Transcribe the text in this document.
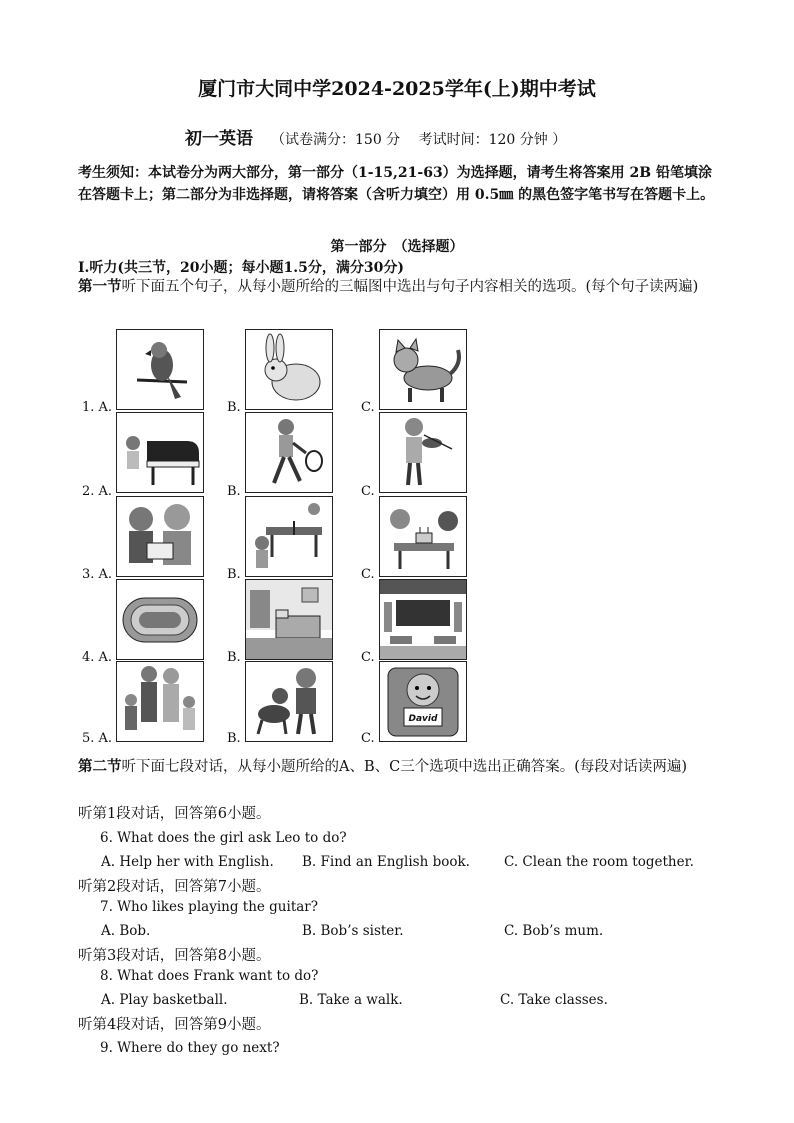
厦门市大同中学2024-2025学年(上)期中考试
初一英语 （试卷满分：150 分　 考试时间：120 分钟 ）
考生须知：本试卷分为两大部分，第一部分（1-15,21-63）为选择题，请考生将答案用 2B 铅笔填涂在答题卡上；第二部分为非选择题，请将答案（含听力填空）用 0.5㎜ 的黑色签字笔书写在答题卡上。
第一部分　（选择题）
I.听力(共三节，20小题；每小题1.5分，满分30分)
第一节听下面五个句子，从每小题所给的三幅图中选出与句子内容相关的选项。(每个句子读两遍)
1. A.	B.	C.
2. A.	B.	C.
3. A.	B.	C.
4. A.	B.	C.
5. A.	B.	C.
David
第二节听下面七段对话，从每小题所给的A、B、C三个选项中选出正确答案。(每段对话读两遍)
听第1段对话，回答第6小题。
6. What does the girl ask Leo to do?
A. Help her with English. B. Find an English book.	C. Clean the room together.
听第2段对话，回答第7小题。
7. Who likes playing the guitar?
A. Bob.	B. Bob’s sister.	C. Bob’s mum.
听第3段对话，回答第8小题。
8. What does Frank want to do?
A. Play basketball.	B. Take a walk.	C. Take classes.
听第4段对话，回答第9小题。
9. Where do they go next?
